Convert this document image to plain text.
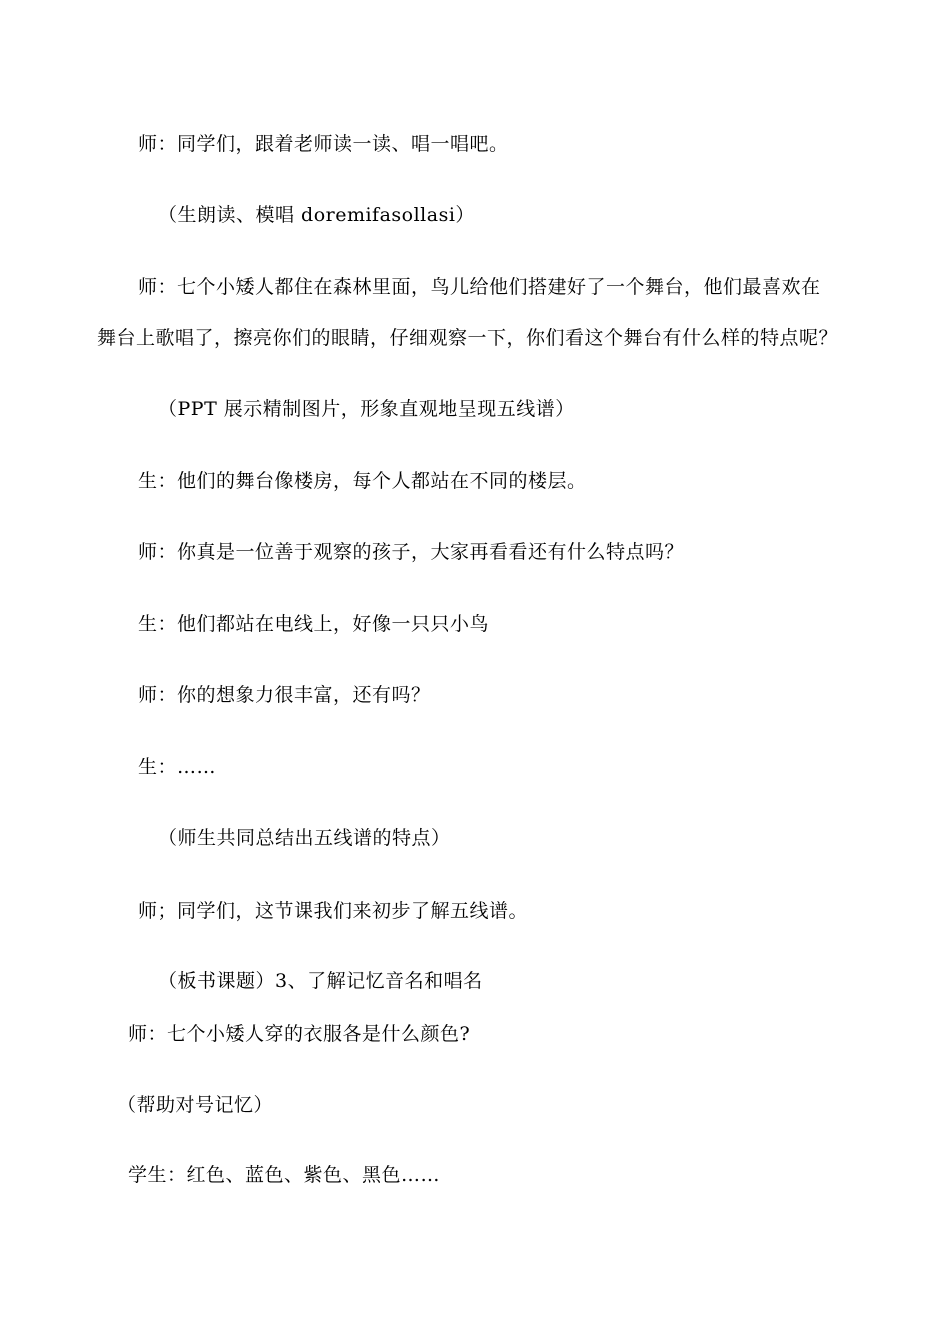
师：同学们，跟着老师读一读、唱一唱吧。
（生朗读、模唱 doremifasollasi）
师：七个小矮人都住在森林里面，鸟儿给他们搭建好了一个舞台，他们最喜欢在
舞台上歌唱了，擦亮你们的眼睛，仔细观察一下，你们看这个舞台有什么样的特点呢？
（PPT 展示精制图片，形象直观地呈现五线谱）
生：他们的舞台像楼房，每个人都站在不同的楼层。
师：你真是一位善于观察的孩子，大家再看看还有什么特点吗？
生：他们都站在电线上，好像一只只小鸟
师：你的想象力很丰富，还有吗？
生：……
（师生共同总结出五线谱的特点）
师；同学们，这节课我们来初步了解五线谱。
（板书课题）3、了解记忆音名和唱名
师：七个小矮人穿的衣服各是什么颜色?
（帮助对号记忆）
学生：红色、蓝色、紫色、黑色……
